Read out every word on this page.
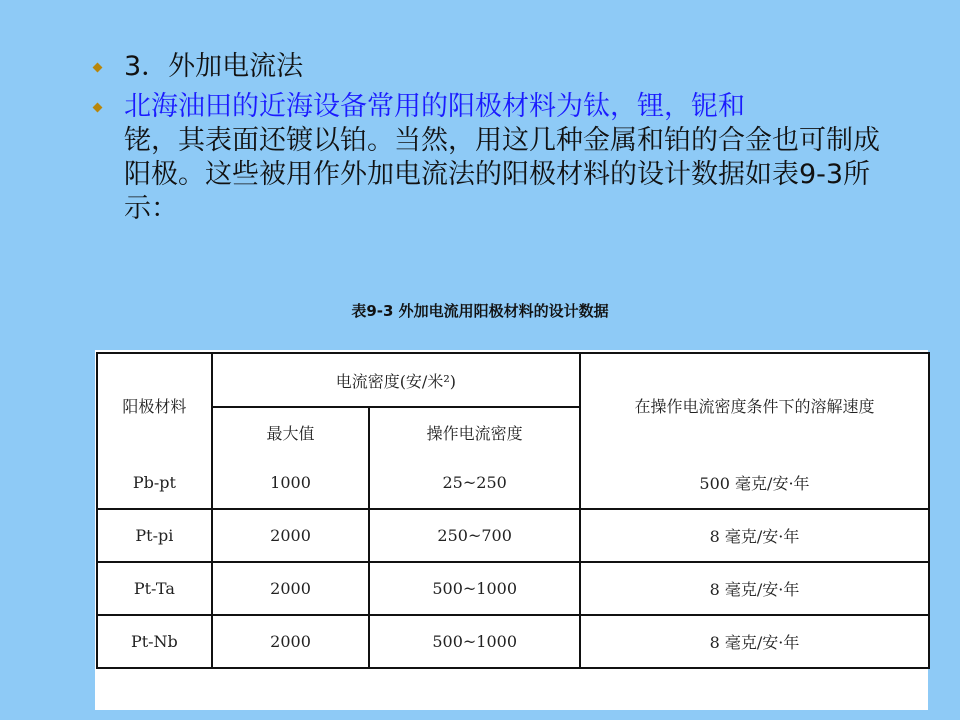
3．外加电流法
北海油田的近海设备常用的阳极材料为钛，锂，铌和
铑，其表面还镀以铂。当然，用这几种金属和铂的合金也可制成阳极。这些被用作外加电流法的阳极材料的设计数据如表9-3所示：
表9-3 外加电流用阳极材料的设计数据
阳极材料	电流密度(安/米²)		在操作电流密度条件下的溶解速度
	最大值	操作电流密度	
Pb-pt	1000	25~250	500 毫克/安·年
Pt-pi	2000	250~700	8 毫克/安·年
Pt-Ta	2000	500~1000	8 毫克/安·年
Pt-Nb	2000	500~1000	8 毫克/安·年
